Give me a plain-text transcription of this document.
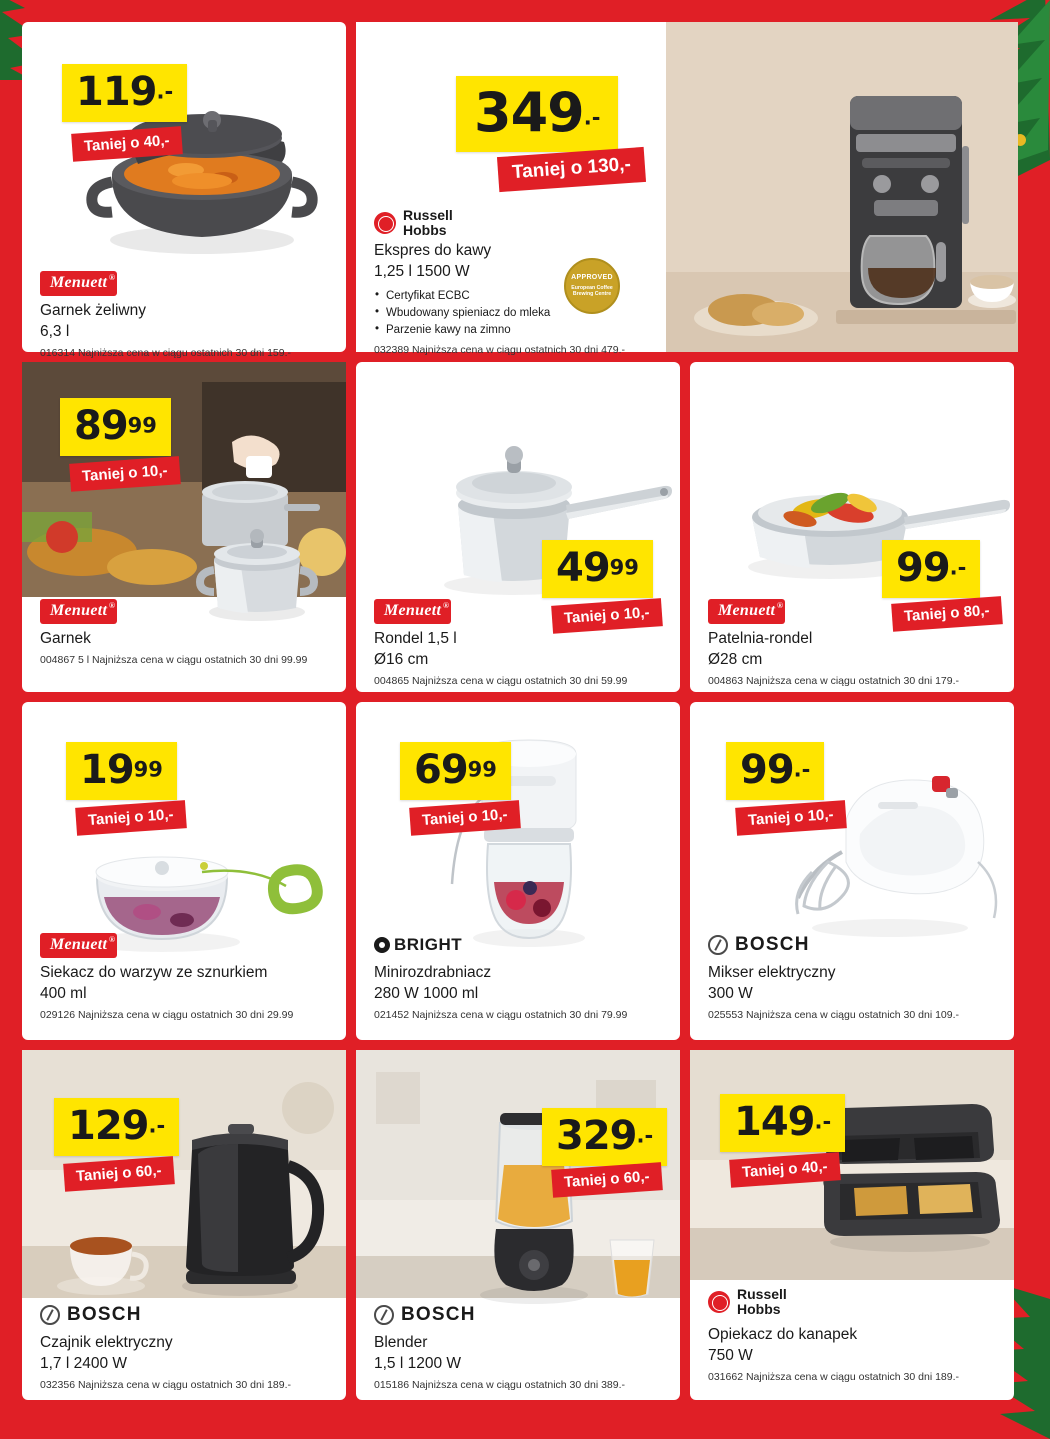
119.-
Taniej o 40,-
Menuett ®
Garnek żeliwny
6,3 l
016314 Najniższa cena w ciągu ostatnich 30 dni 159.-
349.-
Taniej o 130,-
APPROVED
European Coffee Brewing Centre
Russell
Hobbs
Ekspres do kawy
1,25 l 1500 W
• Certyfikat ECBC
• Wbudowany spieniacz do mleka
• Parzenie kawy na zimno
032389 Najniższa cena w ciągu ostatnich 30 dni 479.-
8999
Taniej o 10,-
Menuett ®
Garnek
004867 5 l Najniższa cena w ciągu ostatnich 30 dni 99.99
4999
Taniej o 10,-
Menuett ®
Rondel 1,5 l
Ø16 cm
004865 Najniższa cena w ciągu ostatnich 30 dni 59.99
99.-
Taniej o 80,-
Menuett ®
Patelnia-rondel
Ø28 cm
004863 Najniższa cena w ciągu ostatnich 30 dni 179.-
1999
Taniej o 10,-
Menuett ®
Siekacz do warzyw ze sznurkiem
400 ml
029126 Najniższa cena w ciągu ostatnich 30 dni 29.99
6999
Taniej o 10,-
BRIGHT
Minirozdrabniacz
280 W 1000 ml
021452 Najniższa cena w ciągu ostatnich 30 dni 79.99
99.-
Taniej o 10,-
BOSCH
Mikser elektryczny
300 W
025553 Najniższa cena w ciągu ostatnich 30 dni 109.-
129.-
Taniej o 60,-
BOSCH
Czajnik elektryczny
1,7 l 2400 W
032356 Najniższa cena w ciągu ostatnich 30 dni 189.-
329.-
Taniej o 60,-
BOSCH
Blender
1,5 l 1200 W
015186 Najniższa cena w ciągu ostatnich 30 dni 389.-
149.-
Taniej o 40,-
Russell
Hobbs
Opiekacz do kanapek
750 W
031662 Najniższa cena w ciągu ostatnich 30 dni 189.-
